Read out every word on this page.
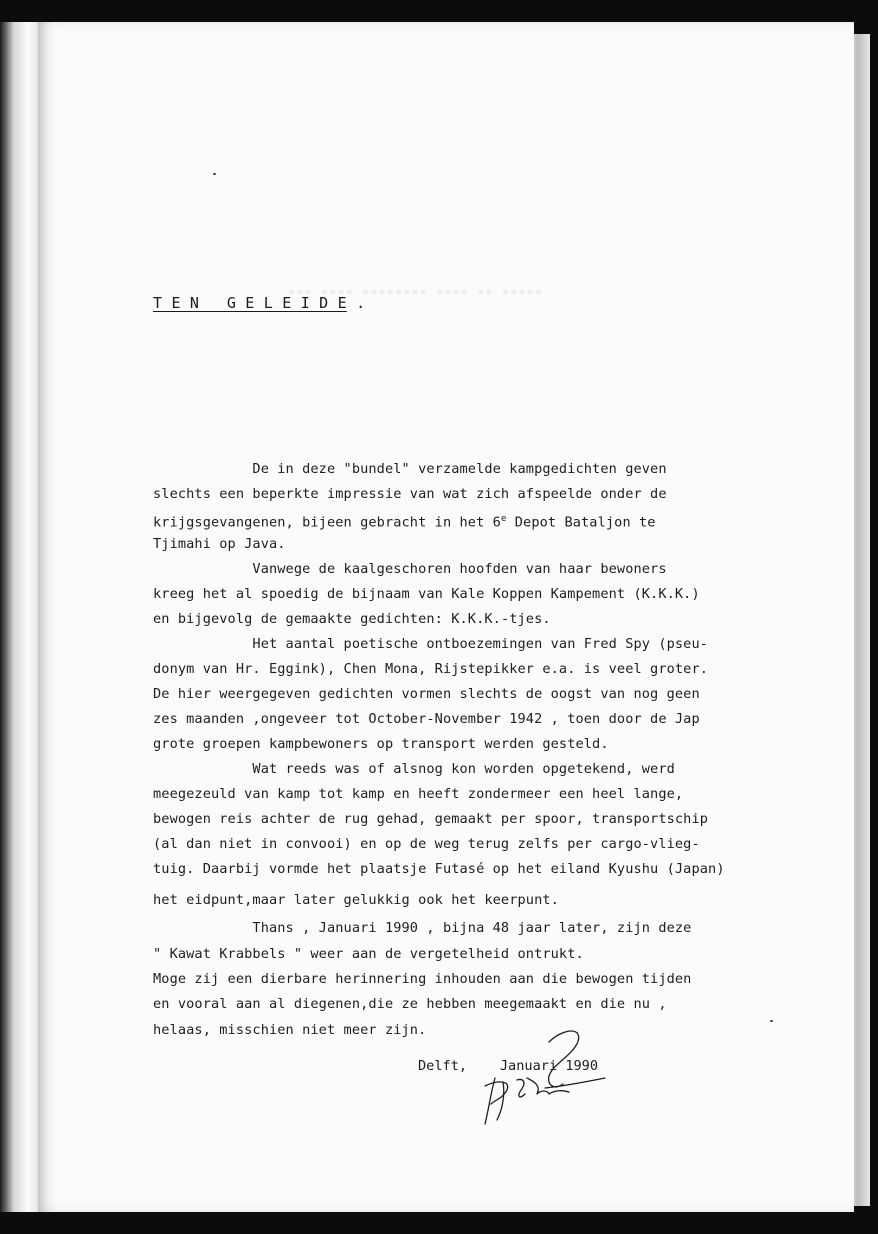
▪▪▪ ▪▪▪▪ ▪▪▪▪▪▪▪▪ ▪▪▪▪ ▪▪ ▪▪▪▪▪
T E N   G E L E I D E .
De in deze "bundel" verzamelde kampgedichten geven
slechts een beperkte impressie van wat zich afspeelde onder de
krijgsgevangenen, bijeen gebracht in het 6e Depot Bataljon te
Tjimahi op Java.
Vanwege de kaalgeschoren hoofden van haar bewoners
kreeg het al spoedig de bijnaam van Kale Koppen Kampement (K.K.K.)
en bijgevolg de gemaakte gedichten: K.K.K.-tjes.
Het aantal poetische ontboezemingen van Fred Spy (pseu-
donym van Hr. Eggink), Chen Mona, Rijstepikker e.a. is veel groter.
De hier weergegeven gedichten vormen slechts de oogst van nog geen
zes maanden ,ongeveer tot October-November 1942 , toen door de Jap
grote groepen kampbewoners op transport werden gesteld.
Wat reeds was of alsnog kon worden opgetekend, werd
meegezeuld van kamp tot kamp en heeft zondermeer een heel lange,
bewogen reis achter de rug gehad, gemaakt per spoor, transportschip
(al dan niet in convooi) en op de weg terug zelfs per cargo-vlieg-
tuig. Daarbij vormde het plaatsje Futasé op het eiland Kyushu (Japan)
het eidpunt,maar later gelukkig ook het keerpunt.
Thans , Januari 1990 , bijna 48 jaar later, zijn deze
" Kawat Krabbels " weer aan de vergetelheid ontrukt.
Moge zij een dierbare herinnering inhouden aan die bewogen tijden
en vooral aan al diegenen,die ze hebben meegemaakt en die nu ,
helaas, misschien niet meer zijn.
Delft,    Januari 1990
